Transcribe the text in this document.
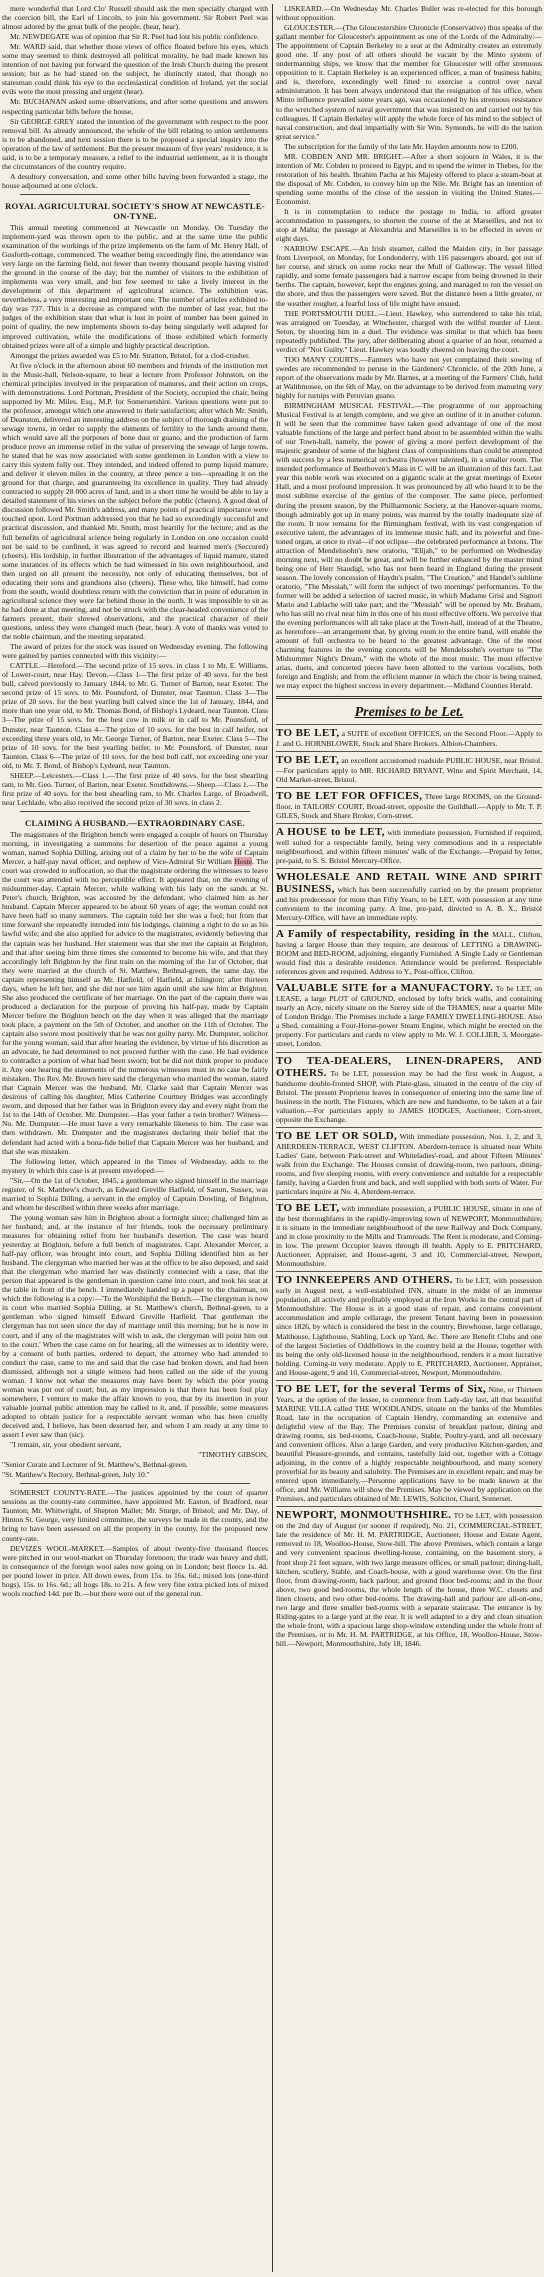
mere wonderful that Lord Clo' Russell should ask the men specially charged with the coercion bill, the Earl of Lincoln, to join his government. Sir Robert Peel was almost adored by the great bulk of the people. (hear, hear).

Mr. NEWDEGATE was of opinion that Sir R. Peel had lost his public confidence.

Mr. WARD said, that whether those views of office floated before his eyes, which some may seemed to think destroyed all political morality, he had made known his intention of not having put forward the question of the Irish Church during the present session; but as he had stated on the subject, he distinctly stated, that though no statesman could think his eye to the ecclesiastical condition of Ireland, yet the social evils were the most pressing and urgent (hear).

Mr. BUCHANAN asked some observations, and after some questions and answers respecting particular bills before the house,

Sir GEORGE GREY stated the intention of the government with respect to the poor removal bill. As already announced, the whole of the bill relating to union settlements is to be abandoned, and next session there is to be proposed a special inquiry into the operation of the law of settlement. But the present measure of five years' residence, it is said, is to be a temporary measure, a relief to the industrial settlement, as it is thought the circumstances of the country require.

A desultory conversation, and some other bills having been forwarded a stage, the house adjourned at one o'clock.

ROYAL AGRICULTURAL SOCIETY'S SHOW AT NEWCASTLE-ON-TYNE.

This annual meeting commenced at Newcastle on Monday. On Tuesday the implement-yard was thrown open to the public, and at the same time the public examination of the workings of the prize implements on the farm of Mr. Henry Hall, of Gosforth-cottage, commenced. The weather being exceedingly fine, the attendance was very large on the farming field, not fewer than twenty thousand people having visited the ground in the course of the day; but the number of visitors to the exhibition of implements was very small, and but few seemed to take a lively interest in the development of this department of agricultural science. The exhibition was, nevertheless, a very interesting and important one. The number of articles exhibited to-day was 737. This is a decrease as compared with the number of last year, but the judges of the exhibition state that what is lost in point of number has been gained in point of quality, the new implements shown to-day being singularly well adapted for improved cultivation, while the modifications of those exhibited which formerly obtained prizes were all of a simple and highly practical description.

Amongst the prizes awarded was £5 to Mr. Stratton, Bristol, for a clod-crusher.

At five o'clock in the afternoon about 60 members and friends of the institution met in the Music-hall, Nelson-square, to hear a lecture from Professor Johnston, on the chemical principles involved in the preparation of manures, and their action on crops, with demonstrations. Lord Portman, President of the Society, occupied the chair, being supported by Mr. Miles, Esq., M.P. for Somersetshire. Various questions were put to the professor, amongst which one answered to their satisfaction; after which Mr. Smith, of Deanston, delivered an interesting address on the subject of thorough draining of the sewage towns, in order to supply the elements of fertility to the lands around them, which would save all the purposes of bone dust or guano, and the production of farm produce prove an immense relief in the value of preserving the sewage of large towns, he stated that he was now associated with some gentlemen in London with a view to carry this system fully out. They intended, and indeed offered to pump liquid manure, and deliver it eleven miles in the country, at three pence a ton—spreading it on the ground for that charge, and guaranteeing its excellence in quality. They had already contracted to supply 28 000 acres of land, and in a short time he would be able to lay a detailed statement of his views on the subject before the public (cheers). A good deal of discussion followed Mr. Smith's address, and many points of practical importance were touched upon. Lord Portman addressed you that he had so exceedingly successful and practical discussion, and thanked Mr. Smith, most heartily for the lecture; and as the full benefits of agricultural science being regularly in London on one occasion could not be said to be confined, it was agreed to record and learned men's (Seccured) (cheers). His lordship, in further illustration of the advantages of liquid manure, stated some instances of its effects which he had witnessed in his own neighbourhood, and then urged on all present the necessity, not only of educating themselves, but of educating their sons and grandsons also (cheers). These who, like himself, had come from the south, would doubtless return with the conviction that in point of education in agricultural science they were far behind those in the north. It was impossible to sit as he had done at that meeting, and not be struck with the clear-headed convenience of the farmers present, their shrewd observations, and the practical character of their questions, unless they were changed much (hear, hear). A vote of thanks was voted to the noble chairman, and the meeting separated.

The award of prizes for the stock was issued on Wednesday evening. The following were gained by parties connected with this vicinity:—

CATTLE.—Hereford.—The second prize of 15 sovs. in class 1 to Mr. E. Williams, of Lower-court, near Hay. Devon.—Class 1—The first prize of 40 sovs. for the best bull, calved previously to January 1844, to Mr. G. Turner of Barton, near Exeter. The second prize of 15 sovs. to Mr. Pounsford, of Dunster, near Taunton. Class 3—The prize of 20 sovs. for the best yearling bull calved since the 1st of January, 1844, and more than one year old, to Mr. Thomas Bond, of Bishop's Lydeard, near Taunton. Class 3—The prize of 15 sovs. for the best cow in milk or in calf to Mr. Pounsford, of Dunster, near Taunton. Class 4—The prize of 10 sovs. for the best in calf heifer, not exceeding three years old, to Mr. George Turner, of Barton, near Exeter. Class 5—The prize of 10 sovs. for the best yearling heifer, to Mr. Pounsford, of Dunster, near Taunton. Class 6—The prize of 10 sovs. for the best bull calf, not exceeding one year old, to Mr. T. Bond, of Bishop's Lydeard, near Taunton.

SHEEP.—Leicesters.—Class 1.—The first prize of 40 sovs. for the best shearling ram, to Mr. Geo. Turner, of Barton, near Exeter. Southdowns.—Sheep.—Class 1.—The first prize of 40 sovs. for the best shearling ram, to Mr. Charles Large, of Broadwell, near Lechlade, who also received the second prize of 30 sovs. in class 2.

CLAIMING A HUSBAND.—EXTRAORDINARY CASE.

The magistrates of the Brighton bench were engaged a couple of hours on Thursday morning, in investigating a summons for desertion of the peace against a young woman, named Sophia Dilling, arising out of a claim by her to be the wife of Captain Mercer, a half-pay naval officer, and nephew of Vice-Admiral Sir William Hoste. The court was crowded to suffocation, so that the magistrate ordering the witnesses to leave the court was attended with no perceptible effect. It appeared that, on the evening of midsummer-day, Captain Mercer, while walking with his lady on the sands at St. Peter's church, Brighton, was accosted by the defendant, who claimed him as her husband. Captain Mercer appeared to be about 60 years of age; the woman could not have been half so many summers. The captain told her she was a fool; but from that time forward she repeatedly intruded into his lodgings, claiming a right to do so as his lawful wife; and she also applied for advice to the magistrates, evidently believing that the captain was her husband. Her statement was that she met the captain at Brighton, and that after seeing him three times she consented to become his wife, and that they accordingly left Brighton by the first train on the morning of the 1st of October, that they were married at the church of St. Matthew, Bethnal-green, the same day, the captain representing himself as Mr. Hatfield, of Hatfield, at Islington; after thirteen days, when he left her, and she did not see him again until she saw him at Brighton. She also produced the certificate of her marriage. On the part of the captain there was produced a declaration for the purpose of proving his half-pay, made by Captain Mercer before the Brighton bench on the day when it was alleged that the marriage took place, a payment on the 5th of October, and another on the 11th of October. The captain also swore most positively that he was not guilty party. Mr. Dumpster, solicitor for the young woman, said that after hearing the evidence, by virtue of his discretion as an advocate, he had determined to not proceed further with the case. He had evidence to contradict a portion of what had been sworn; but he did not think proper to produce it. Any one hearing the statements of the numerous witnesses must in no case be fairly mistaken. The Rev. Mr. Brown here said the clergyman who married the woman, stated that Captain Mercer was the husband. Mr. Clarke said that Captain Mercer was desirous of calling his daughter, Miss Catherine Courtney Bridges was accordingly sworn, and deposed that her father was in Brighton every day and every night from the 1st to the 14th of October. Mr. Dumpster.—Has your father a twin brother? Witness—No. Mr. Dumpster.—He must have a very remarkable likeness to him. The case was then withdrawn. Mr. Dumpster and the magistrates declaring their belief that the defendant had acted with a bona-fide belief that Captain Mercer was her husband, and that she was mistaken.

The following letter, which appeared in the Times of Wednesday, adds to the mystery in which this case is at present enveloped:—

"Sir,—On the 1st of October, 1845, a gentleman who signed himself in the marriage register, of St. Matthew's church, as Edward Greville Hatfield, of Sarum, Sussex, was married to Sophia Dilling, a servant in the employ of Captain Dowling, of Brighton, and whom he described within three weeks after marriage.

The young woman saw him in Brighton about a fortnight since; challenged him as her husband; and, at the instance of her friends, took the necessary preliminary measures for obtaining relief from her husband's desertion. The case was heard yesterday at Brighton, before a full bench of magistrates. Capt. Alexander Mercer, a half-pay officer, was brought into court, and Sophia Dilling identified him as her husband. The clergyman who married her was at the office to be also deposed, and said that the clergyman who married her was distinctly connected with a case, that the person that appeared is the gentleman in question came into court, and took his seat at the table in front of the bench. I immediately handed up a paper to the chairman, on which the following is a copy:—'To the Worshipful the Bench.—The clergyman is now in court who married Sophia Dilling, at St. Matthew's church, Bethnal-green, to a gentleman who signed himself Edward Greville Hatfield. That gentleman the clergyman has not seen since the day of marriage until this morning; but he is now in court, and if any of the magistrates will wish to ask, the clergyman will point him out to the court.' When the case came on for hearing, all the witnesses as to identity were, by a consent of both parties, ordered to depart, the attorney who had attended to conduct the case, came to me and said that the case had broken down, and had been dismissed, although not a single witness had been called on the side of the young woman. I know not what the measures may have been by which the poor young woman was put out of court; but, as my impression is that there has been foul play somewhere, I venture to make the affair known to you, that by its insertion in your valuable journal public attention may be called to it, and, if possible, some measures adopted to obtain justice for a respectable servant woman who has been cruelly deceived and, I believe, has been deserted her, and whom I am ready at any time to assert I ever saw than (sic).

"I remain, sir, your obedient servant,

"TIMOTHY GIBSON,

"Senior Curate and Lecturer of St. Matthew's, Bethnal-green.

"St. Matthew's Rectory, Bethnal-green, July 10."

SOMERSET COUNTY-RATE.—The justices appointed by the court of quarter sessions as the county-rate committee, have appointed Mr. Easton, of Bradford, near Taunton; Mr. Whitwright, of Shepton Mallet; Mr. Sturge, of Bristol; and Mr. Day, of Hinton St. George, very limited committee, the surveys be made in the county, and the bring to have been assessed on all the property in the county, for the proposed new county-rate.

DEVIZES WOOL-MARKET.—Samples of about twenty-five thousand fleeces were pitched in our wool-market on Thursday forenoon; the trade was heavy and dull, in consequence of the foreign wool sales now going on in London; best fleece 1s. 4d. per pound lower in price. All down ewes, from 15s. to 16s. 6d.; mixed lots (one-third hogs), 15s. to 16s. 6d.; all hogs 18s. to 21s. A few very fine extra picked lots of mixed wools reached 14d. per lb.—but there were out of the general run.

LISKEARD.—On Wednesday Mr. Charles Buller was re-elected for this borough without opposition.

GLOUCESTER.—(The Gloucestershire Chronicle (Conservative) thus speaks of the gallant member for Gloucester's appointment as one of the Lords of the Admiralty:—The appointment of Captain Berkeley to a seat at the Admiralty creates an extremely good one. If any post of all others should be vacant by the Minto system of undermanning ships, we know that the member for Gloucester will offer strenuous opposition to it. Captain Berkeley is an experienced officer, a man of business habits; and is, therefore, exceedingly well fitted to exercise a control over naval administration. It has been always understood that the resignation of his office, when Minto influence prevailed some years ago, was occasioned by his strenuous resistance to the wretched system of naval government that was insisted on and carried out by his colleagues. If Captain Berkeley will apply the whole force of his mind to the subject of naval construction, and deal impartially with Sir Wm. Symonds, he will do the nation great service."

The subscription for the family of the late Mr. Hayden amounts now to £200.

MR. COBDEN AND MR. BRIGHT.—After a short sojourn in Wales, it is the intention of Mr. Cobden to proceed to Egypt, and to spend the winter in Thebes, for the restoration of his health. Ibrahim Pacha at his Majesty offered to place a steam-boat at the disposal of Mr. Cobden, to convey him up the Nile. Mr. Bright has an intention of spending some months of the close of the session in visiting the United States.—Economist.

It is in contemplation to reduce the postage to India, to afford greater accommodation to passengers, to shorten the course of the at Marseilles, and not to stop at Malta; the passage at Alexandria and Marseilles is to be effected in seven or eight days.

NARROW ESCAPE.—An Irish steamer, called the Maiden city, in her passage from Liverpool, on Monday, for Londonderry, with 116 passengers aboard, got out of her course, and struck on some rocks near the Mull of Galloway. The vessel filled rapidly, and some female passengers had a narrow escape from being drowned in their berths. The captain, however, kept the engines going, and managed to run the vessel on the shore, and thus the passengers were saved. But the distance been a little greater, or the weather rougher, a fearful loss of life might have ensued.

THE PORTSMOUTH DUEL.—Lieut. Hawkey, who surrendered to take his trial, was arraigned on Tuesday, at Winchester, charged with the wilful murder of Lieut. Seton, by shooting him in a duel. The evidence was similar to that which has been repeatedly published. The jury, after deliberating about a quarter of an hour, returned a verdict of "Not Guilty." Lieut. Hawkey was loudly cheered on leaving the court.

TOO MANY COURTS.—Farmers who have not yet complained their sowing of swedes are recommended to peruse in the Gardeners' Chronicle, of the 20th June, a report of the observations made by Mr. Barnes, at a meeting of the Farmers' Club, held at Walthmosee, on the 6th of May, on the advantage to be derived from manuring very highly for turnips with Peruvian guano.

BIRMINGHAM MUSICAL FESTIVAL.—The programme of our approaching Musical Festival is at length complete, and we give an outline of it in another column. It will be seen that the committee have taken good advantage of one of the most valuable functions of the large and perfect band about to be assembled within the walls of our Town-hall, namely, the power of giving a more perfect development of the majestic grandeur of some of the highest class of compositions than could be attempted with success by a less numerical orchestra (however talented), in a smaller room. The intended performance of Beethoven's Mass in C will be an illustration of this fact. Last year this noble work was executed on a gigantic scale at the great meetings of Exeter Hall, and a most profound impression. It was pronounced by all who heard it to be the most sublime exercise of the genius of the composer. The same piece, performed during the present season, by the Philharmonic Society, at the Hanover-square rooms, though admirably got up in many points, was marred by the totally inadequate size of the room. It now remains for the Birmingham festival, with its vast congregation of executive talent, the advantages of its immense music hall, and its powerful and fine-toned organ, at once to rival—if not eclipse—the celebrated performance at Ixtons. The attraction of Mendelssohn's new oratorio, "Elijah," to be performed on Wednesday morning next, will no doubt be great, and will be further enhanced by the master mind being one of Herr Staudigl, who has not been heard in England during the present season. The lovely concession of Haydn's psalm, "The Creation," and Handel's sublime oratorio, "The Messiah," will form the subject of two mornings' performances. To the former will be added a selection of sacred music, in which Madame Grisi and Signori Mario and Lablache will take part; and the "Messiah" will be opened by Mr. Braham, who has still no rival near him in this one of his most effective efforts. We perceive that the evening performances will all take place at the Town-hall, instead of at the Theatre, as heretofore—an arrangement that, by giving room to the entire band, will enable the amount of full orchestra to be heard to the greatest advantage. One of the most charming features in the evening concerts will be Mendelssohn's overture to "The Midsummer Night's Dream," with the whole of the most music. The most effective arias, duets, and concerted pieces have been allotted to the various vocalists, both foreign and English; and from the efficient manner in which the choir is being trained, we may expect the highest success in every department.—Midland Counties Herald.

Premises to be Let.

TO BE LET, a SUITE of excellent OFFICES, on the Second Floor.—Apply to J. and G. HORNBLOWER, Stock and Share Brokers. Albion-Chambers.

TO BE LET, an excellent accustomed roadside PUBLIC HOUSE, near Bristol.—For particulars apply to MR. RICHARD BRYANT, Wine and Spirit Merchant, 14, Old Market-street, Bristol.

TO BE LET FOR OFFICES, Three large ROOMS, on the Ground-floor, in TAILORS' COURT, Broad-street, opposite the Guildhall.—Apply to Mr. T. P. GILES, Stock and Share Broker, Corn-street.

A HOUSE to be LET, with immediate possession, Furnished if required, well suited for a respectable family, being very commodious and in a respectable neighbourhood, and within fifteen minutes' walk of the Exchange.—Prepaid by letter, pre-paid, to S. S. Bristol Mercury-Office.

WHOLESALE AND RETAIL WINE AND SPIRIT BUSINESS, which has been successfully carried on by the present proprietor and his predecessor for more than Fifty Years, to be LET, with possession at any time convenient to the incoming party. A line, pre-paid, directed to A. B. X., Bristol Mercury-Office, will have an immediate reply.

A Family of respectability, residing in the MALL, Clifton, having a larger House than they require, are desirous of LETTING a DRAWING-ROOM and BED-ROOM, adjoining, elegantly Furnished. A Single Lady or Gentleman would find this a desirable residence. Attendance would be preferred. Respectable references given and required. Address to Y., Post-office, Clifton.

VALUABLE SITE for a MANUFACTORY. To be LET, on LEASE, a large PLOT of GROUND, enclosed by lofty brick walls, and containing nearly an Acre, nicely situate on the Surrey side of the THAMES, near a quarter Mile of London Bridge. The Premises include a large FAMILY DWELLING-HOUSE. Also a Shed, containing a Four-Horse-power Steam Engine, which might be erected on the property. For particulars and cards to view apply to Mr. W. J. COLLIER, 3, Moorgate-street, London.

TO TEA-DEALERS, LINEN-DRAPERS, AND OTHERS. To be LET, possession may be had the first week in August, a handsome double-fronted SHOP, with Plate-glass, situated in the centre of the city of Bristol. The present Proprietor leaves in consequence of entering into the same line of business in the north. The Fixtures, which are new and handsome, to be taken at a fair valuation.—For particulars apply to JAMES HODGES, Auctioneer, Corn-street, opposite the Exchange.

TO BE LET OR SOLD, With immediate possession, Nos. 1, 2, and 3, ABERDEEN-TERRACE, WEST CLIFTON. Aberdeen-terrace is situated near White Ladies' Gate, between Park-street and Whiteladies'-road, and about Fifteen Minutes' walk from the Exchange. The Houses consist of drawing-room, two parlours, dining-rooms, and five sleeping rooms, with every convenience and suitable for a respectable family, having a Garden front and back, and well supplied with both sorts of Water. For particulars inquire at No. 4, Aberdeen-terrace.

TO BE LET, with immediate possession, a PUBLIC HOUSE, situate in one of the best thoroughfares in the rapidly-improving town of NEWPORT, Monmouthshire; it is situate in the immediate neighbourhood of the new Railway and Dock Company, and in close proximity to the Mills and Tramroads. The Rent is moderate, and Coming-in low. The present Occupier leaves through ill health. Apply to E. PRITCHARD, Auctioneer, Appraiser, and House-agent, 3 and 10, Commercial-street, Newport, Monmouthshire.

TO INNKEEPERS AND OTHERS. To be LET, with possession early in August next, a well-established INN, situate in the midst of an immense population, all actively and profitably employed at the Iron Works in the central part of Monmouthshire. The House is in a good state of repair, and contains convenient accommodation and ample cellarage, the present Tenant having been in possession since 1826, by which is considered the best in the country, Brewhouse, large cellarage, Malthouse, Lighthouse, Stabling, Lock up Yard, &c. There are Benefit Clubs and one of the largest Societies of Oddfellows in the country held at the House, together with its being the only old-licensed house in the neighbourhood, renders it a most lucrative holding. Coming-in very moderate. Apply to E. PRITCHARD, Auctioneer, Appraiser, and House-agent, 9 and 10, Commercial-street, Newport, Monmouthshire.

TO BE LET, for the several Terms of Six, Nine, or Thirteen Years, at the option of the lessee, to commence from Lady-day last, all that beautiful MARINE VILLA called THE WOODLANDS, situate on the banks of the Mumbles Road, late in the occupation of Captain Hendry, commanding an extensive and delightful view of the Bay. The Premises consist of breakfast parlour, dining and drawing rooms, six bed-rooms, Coach-house, Stable, Poultry-yard, and all necessary and convenient offices. Also a large Garden, and very productive Kitchen-garden, and beautiful Pleasure-grounds, and contains, tastefully laid out, together with a Cottage adjoining, in the centre of a highly respectable neighbourhood, and many scenery proverbial for its beauty and salubrity. The Premises are in excellent repair, and may be entered upon immediately.—Personne applications have to be made known at the office, and Mr. Williams will show the Premises. May be viewed by application on the Premises, and particulars obtained of Mr. LEWIS, Solicitor, Chard, Somerset.

NEWPORT, MONMOUTHSHIRE. TO be LET, with possession on the 2nd day of August (or sooner if required), No. 21, COMMERCIAL-STREET, late the residence of Mr. H. M. PARTRIDGE, Auctioneer, House and Estate Agent, removed to 18, Woolloo-House, Stow-hill. The above Premises, which contain a large and very convenient spacious dwelling-house, containing, on the basement story, a front shop 21 feet square, with two large measure offices, or small parlour; dining-hall, kitchen, scullery, Stable, and Coach-house, with a good warehouse over. On the first floor, front drawing-room, back parlour, and ground floor bed-rooms; and in the floor above, two good bed-rooms, the whole length of the house, three W.C. closets and linen closets, and two other bed-rooms. The drawing-hall and parlour are all-on-one, two large and three smaller bed-rooms with a separate staircase. The entrance is by Riding-gates to a large yard at the rear. It is well adapted to a dry and clean situation the whole front, with a spacious large shop-window extending under the whole front of the Premises, or to Mr. H. M. PARTRIDGE, at his Office, 18, Woolloo-House, Stow-hill.—Newport, Monmouthshire, July 18, 1846.
